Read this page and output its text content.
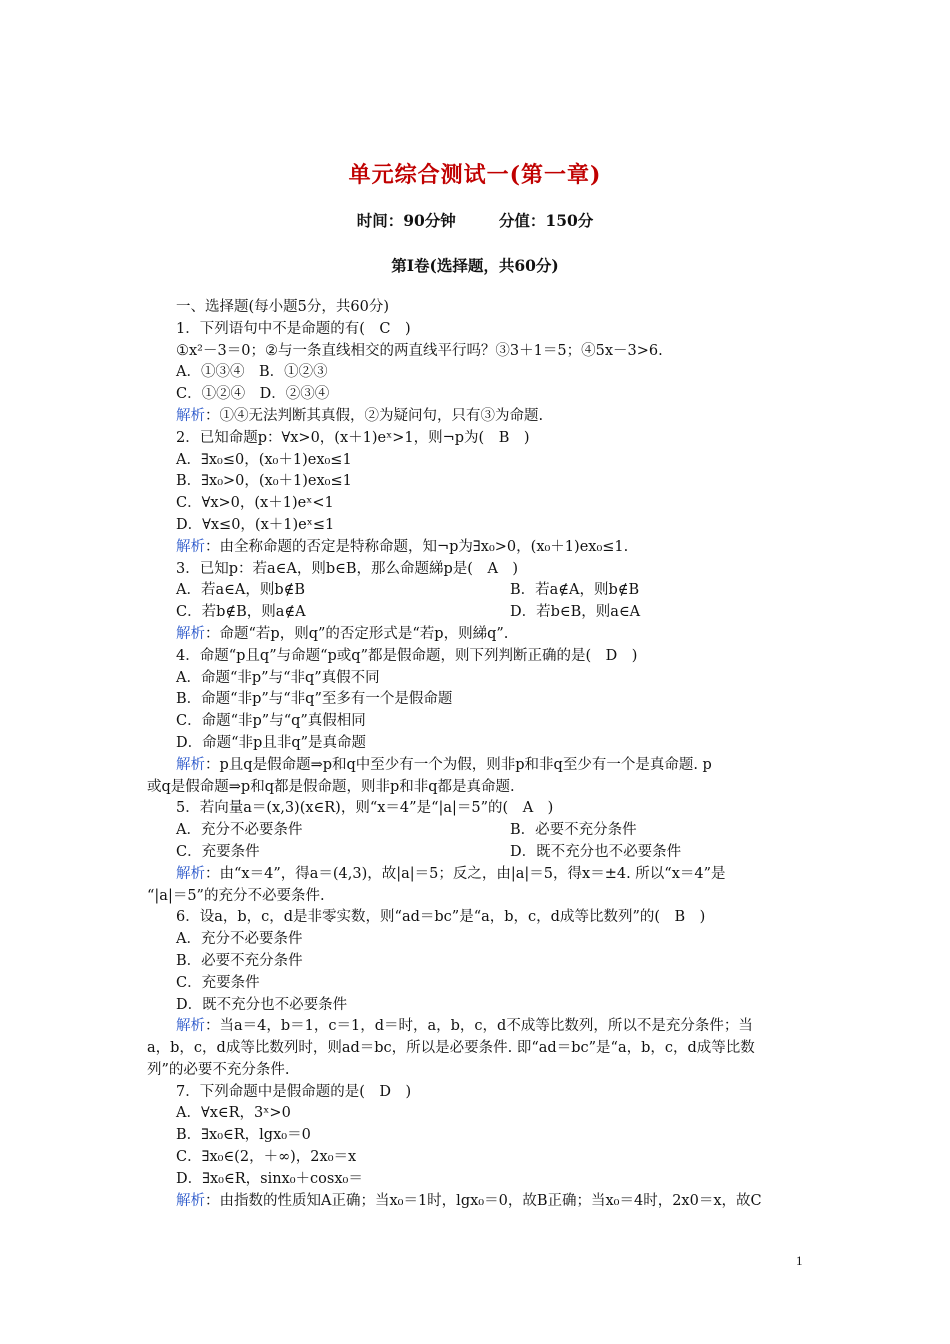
单元综合测试一(第一章)
时间：90分钟        分值：150分
第Ⅰ卷(选择题，共60分)
一、选择题(每小题5分，共60分)
1．下列语句中不是命题的有(　C　)
①x²－3＝0；②与一条直线相交的两直线平行吗？③3＋1＝5；④5x－3>6.
A．①③④　B．①②③
C．①②④　D．②③④
解析：①④无法判断其真假，②为疑问句，只有③为命题.
2．已知命题p：∀x>0，(x＋1)eˣ>1，则¬p为(　B　)
A．∃x₀≤0，(x₀＋1)ex₀≤1
B．∃x₀>0，(x₀＋1)ex₀≤1
C．∀x>0，(x＋1)eˣ<1
D．∀x≤0，(x＋1)eˣ≤1
解析：由全称命题的否定是特称命题，知¬p为∃x₀>0，(x₀＋1)ex₀≤1.
3．已知p：若a∈A，则b∈B，那么命题綈p是(　A　)
A．若a∈A，则b∉B	B．若a∉A，则b∉B
C．若b∉B，则a∉A	D．若b∈B，则a∈A
解析：命题“若p，则q”的否定形式是“若p，则綈q”.
4．命题“p且q”与命题“p或q”都是假命题，则下列判断正确的是(　D　)
A．命题“非p”与“非q”真假不同
B．命题“非p”与“非q”至多有一个是假命题
C．命题“非p”与“q”真假相同
D．命题“非p且非q”是真命题
解析：p且q是假命题⇒p和q中至少有一个为假，则非p和非q至少有一个是真命题. p
或q是假命题⇒p和q都是假命题，则非p和非q都是真命题.
5．若向量a＝(x,3)(x∈R)，则“x＝4”是“|a|＝5”的(　A　)
A．充分不必要条件	B．必要不充分条件
C．充要条件	D．既不充分也不必要条件
解析：由“x＝4”，得a＝(4,3)，故|a|＝5；反之，由|a|＝5，得x＝±4. 所以“x＝4”是
“|a|＝5”的充分不必要条件.
6．设a，b，c，d是非零实数，则“ad＝bc”是“a，b，c，d成等比数列”的(　B　)
A．充分不必要条件
B．必要不充分条件
C．充要条件
D．既不充分也不必要条件
解析：当a＝4，b＝1，c＝1，d＝时，a，b，c，d不成等比数列，所以不是充分条件；当
a，b，c，d成等比数列时，则ad＝bc，所以是必要条件. 即“ad＝bc”是“a，b，c，d成等比数
列”的必要不充分条件.
7．下列命题中是假命题的是(　D　)
A．∀x∈R，3ˣ>0
B．∃x₀∈R，lgx₀＝0
C．∃x₀∈(2，＋∞)，2x₀＝x
D．∃x₀∈R，sinx₀＋cosx₀＝
解析：由指数的性质知A正确；当x₀＝1时，lgx₀＝0，故B正确；当x₀＝4时，2x0＝x，故C
1
